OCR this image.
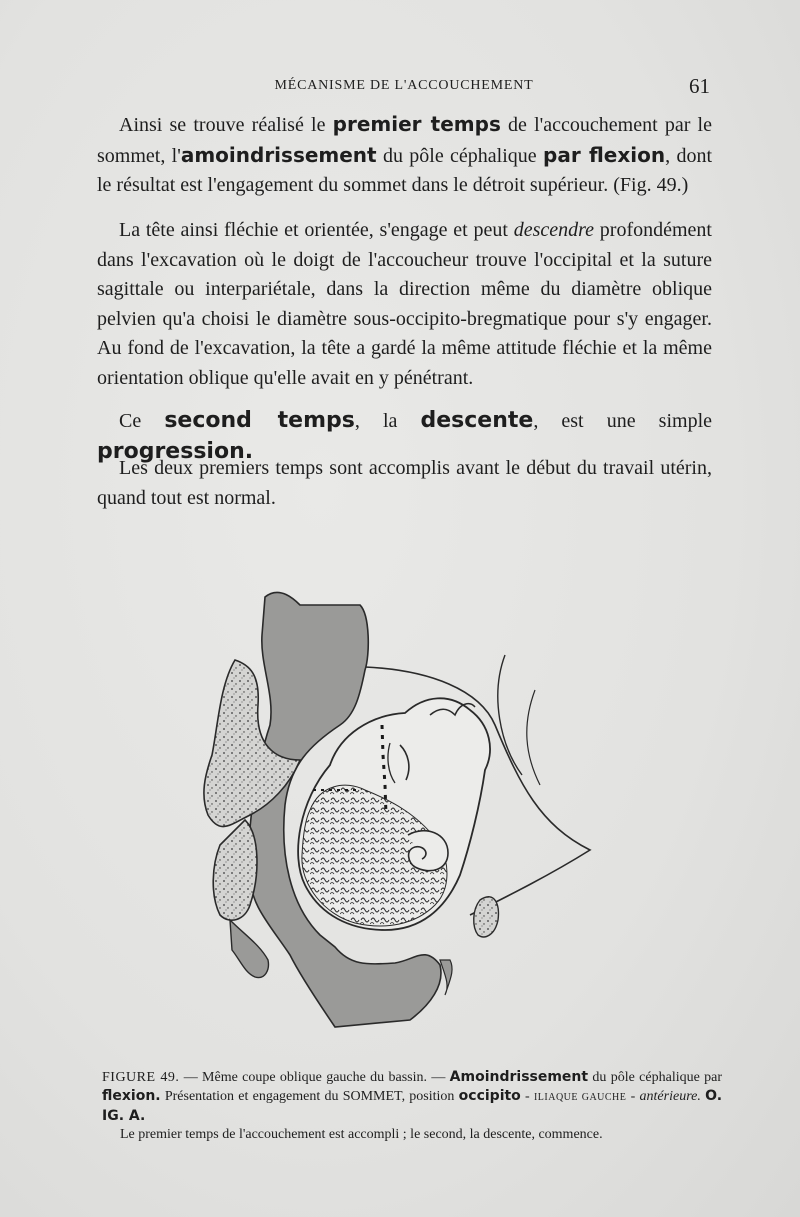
MÉCANISME DE L'ACCOUCHEMENT	61

Ainsi se trouve réalisé le premier temps de l'accouchement par le sommet, l'amoindrissement du pôle céphalique par flexion, dont le résultat est l'engagement du sommet dans le détroit supérieur. (Fig. 49.)

La tête ainsi fléchie et orientée, s'engage et peut descendre profondément dans l'excavation où le doigt de l'accoucheur trouve l'occipital et la suture sagittale ou interpariétale, dans la direction même du diamètre oblique pelvien qu'a choisi le diamètre sous-occipito-bregmatique pour s'y engager. Au fond de l'excavation, la tête a gardé la même attitude fléchie et la même orientation oblique qu'elle avait en y pénétrant.

Ce second temps, la descente, est une simple progression.

Les deux premiers temps sont accomplis avant le début du travail utérin, quand tout est normal.

FIGURE 49. — Même coupe oblique gauche du bassin. — Amoindrissement du pôle céphalique par flexion. Présentation et engagement du SOMMET, position occipito - ILIAQUE GAUCHE - antérieure. O. IG. A.
Le premier temps de l'accouchement est accompli ; le second, la descente, commence.
